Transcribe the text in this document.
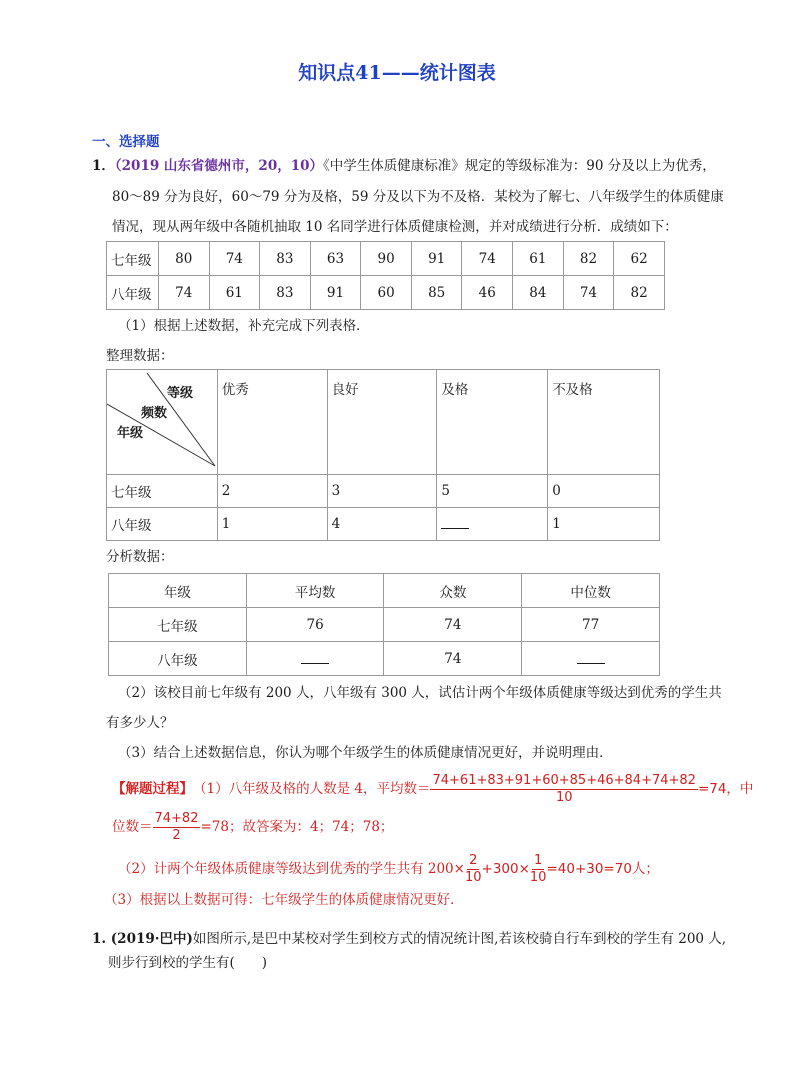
知识点41——统计图表
一、选择题
1．（2019 山东省德州市，20，10）《中学生体质健康标准》规定的等级标准为：90 分及以上为优秀，
80～89 分为良好，60～79 分为及格，59 分及以下为不及格．某校为了解七、八年级学生的体质健康
情况，现从两年级中各随机抽取 10 名同学进行体质健康检测，并对成绩进行分析．成绩如下：
七年级	80	74	83	63	90	91	74	61	82	62
八年级	74	61	83	91	60	85	46	84	74	82
（1）根据上述数据，补充完成下列表格．
整理数据：
等级
频数
年级	优秀	良好	及格	不及格
七年级	2	3	5	0
八年级	1	4		1
分析数据：
年级	平均数	众数	中位数
七年级	76	74	77
八年级		74	
（2）该校目前七年级有 200 人，八年级有 300 人，试估计两个年级体质健康等级达到优秀的学生共
有多少人？
（3）结合上述数据信息，你认为哪个年级学生的体质健康情况更好，并说明理由．
【解题过程】 （1）八年级及格的人数是 4，平均数＝ $\frac{74+61+83+91+60+85+46+84+74+82}{10} =74$，中
位数＝ $\frac{74+82}{2} =78$；故答案为：4；74；78；
（2）计两个年级体质健康等级达到优秀的学生共有 $200\times \frac{2}{10} +300\times \frac{1}{10} =40+30=70$人；
（3）根据以上数据可得：七年级学生的体质健康情况更好．
1. (2019·巴中)如图所示,是巴中某校对学生到校方式的情况统计图,若该校骑自行车到校的学生有 200 人,
则步行到校的学生有(　　)
